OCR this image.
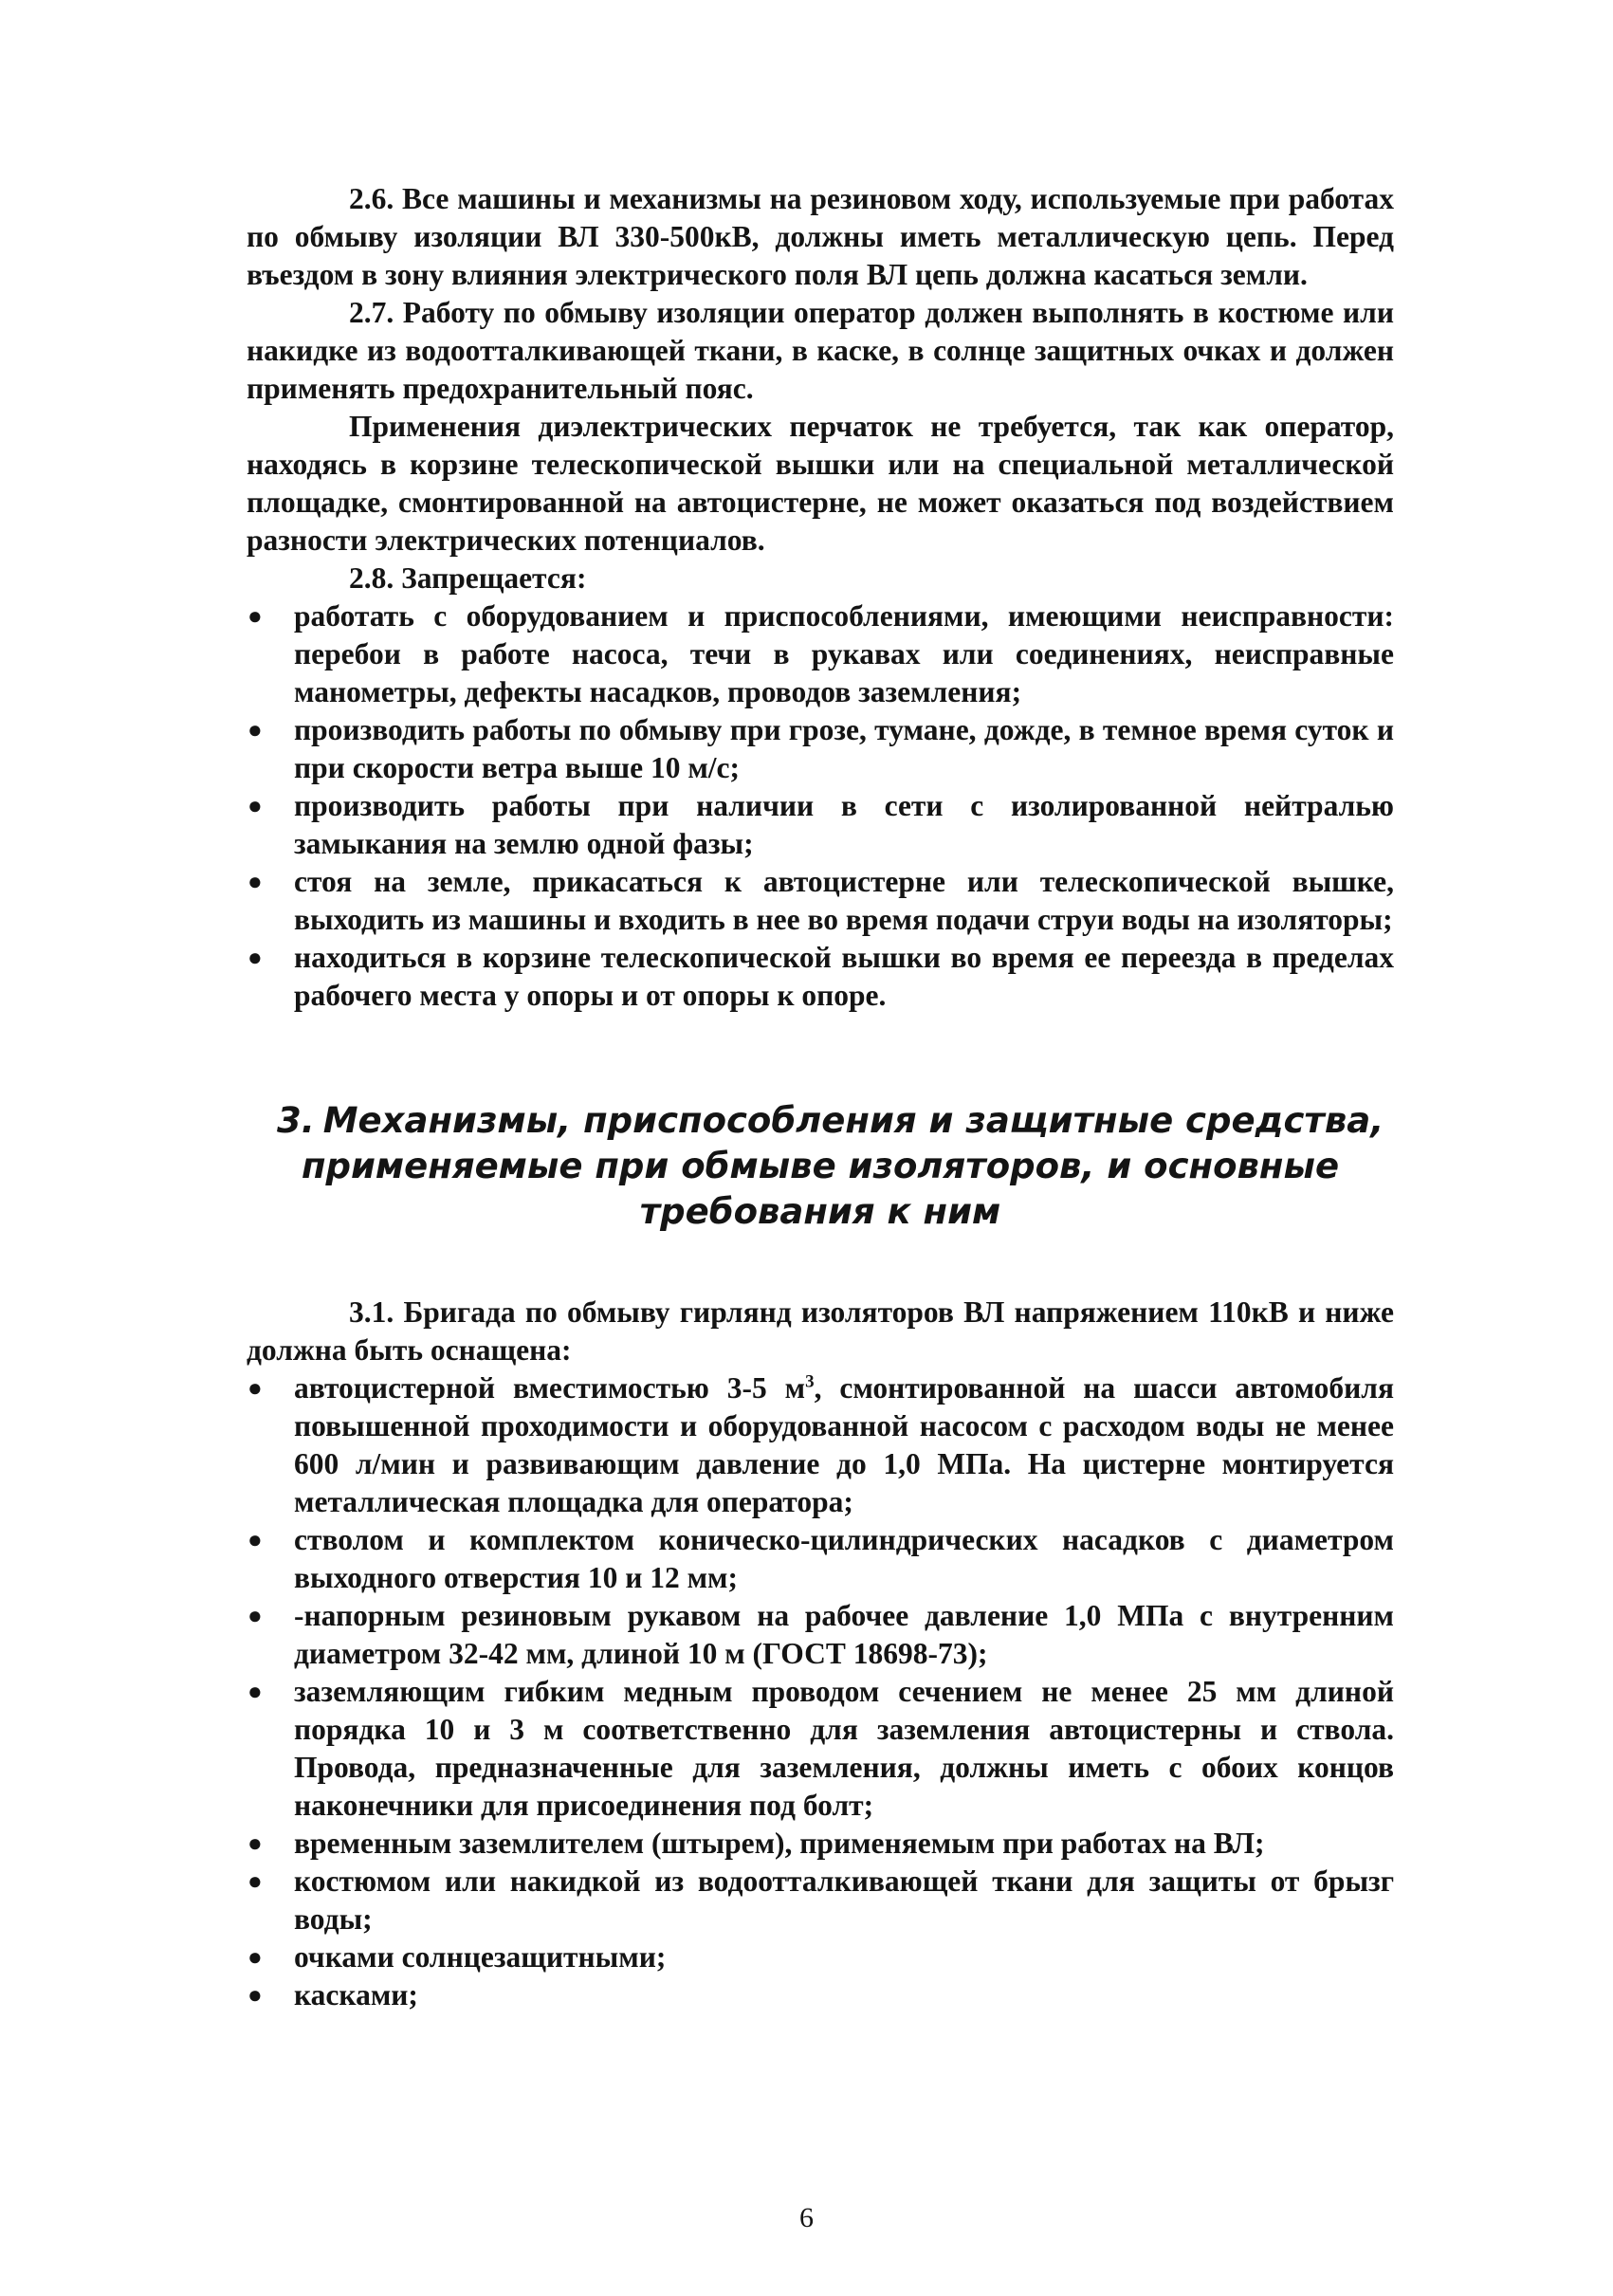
2.6. Все машины и механизмы на резиновом ходу, используемые при работах по обмыву изоляции ВЛ 330-500кВ, должны иметь металлическую цепь. Перед въездом в зону влияния электрического поля ВЛ цепь должна касаться земли.

2.7. Работу по обмыву изоляции оператор должен выполнять в костюме или накидке из водоотталкивающей ткани, в каске, в солнце защитных очках и должен применять предохранительный пояс.

Применения диэлектрических перчаток не требуется, так как оператор, находясь в корзине телескопической вышки или на специальной металлической площадке, смонтированной на автоцистерне, не может оказаться под воздействием разности электрических потенциалов.

2.8. Запрещается:

● работать с оборудованием и приспособлениями, имеющими неисправности: перебои в работе насоса, течи в рукавах или соединениях, неисправные манометры, дефекты насадков, проводов заземления;
● производить работы по обмыву при грозе, тумане, дожде, в темное время суток и при скорости ветра выше 10 м/с;
● производить работы при наличии в сети с изолированной нейтралью замыкания на землю одной фазы;
● стоя на земле, прикасаться к автоцистерне или телескопической вышке, выходить из машины и входить в нее во время подачи струи воды на изоляторы;
● находиться в корзине телескопической вышки во время ее переезда в пределах рабочего места у опоры и от опоры к опоре.
3. Механизмы, приспособления и защитные средства,
применяемые при обмыве изоляторов, и основные
требования к ним

3.1. Бригада по обмыву гирлянд изоляторов ВЛ напряжением 110кВ и ниже должна быть оснащена:

● автоцистерной вместимостью 3-5 $м^3$, смонтированной на шасси автомобиля повышенной проходимости и оборудованной насосом с расходом воды не менее 600 л/мин и развивающим давление до 1,0 МПа. На цистерне монтируется металлическая площадка для оператора;
● стволом и комплектом коническо-цилиндрических насадков с диаметром выходного отверстия 10 и 12 мм;
● -напорным резиновым рукавом на рабочее давление 1,0 МПа с внутренним диаметром 32-42 мм, длиной 10 м (ГОСТ 18698-73);
● заземляющим гибким медным проводом сечением не менее 25 мм длиной порядка 10 и 3 м соответственно для заземления автоцистерны и ствола. Провода, предназначенные для заземления, должны иметь с обоих концов наконечники для присоединения под болт;
● временным заземлителем (штырем), применяемым при работах на ВЛ;
● костюмом или накидкой из водоотталкивающей ткани для защиты от брызг воды;
● очками солнцезащитными;
● касками;
6
